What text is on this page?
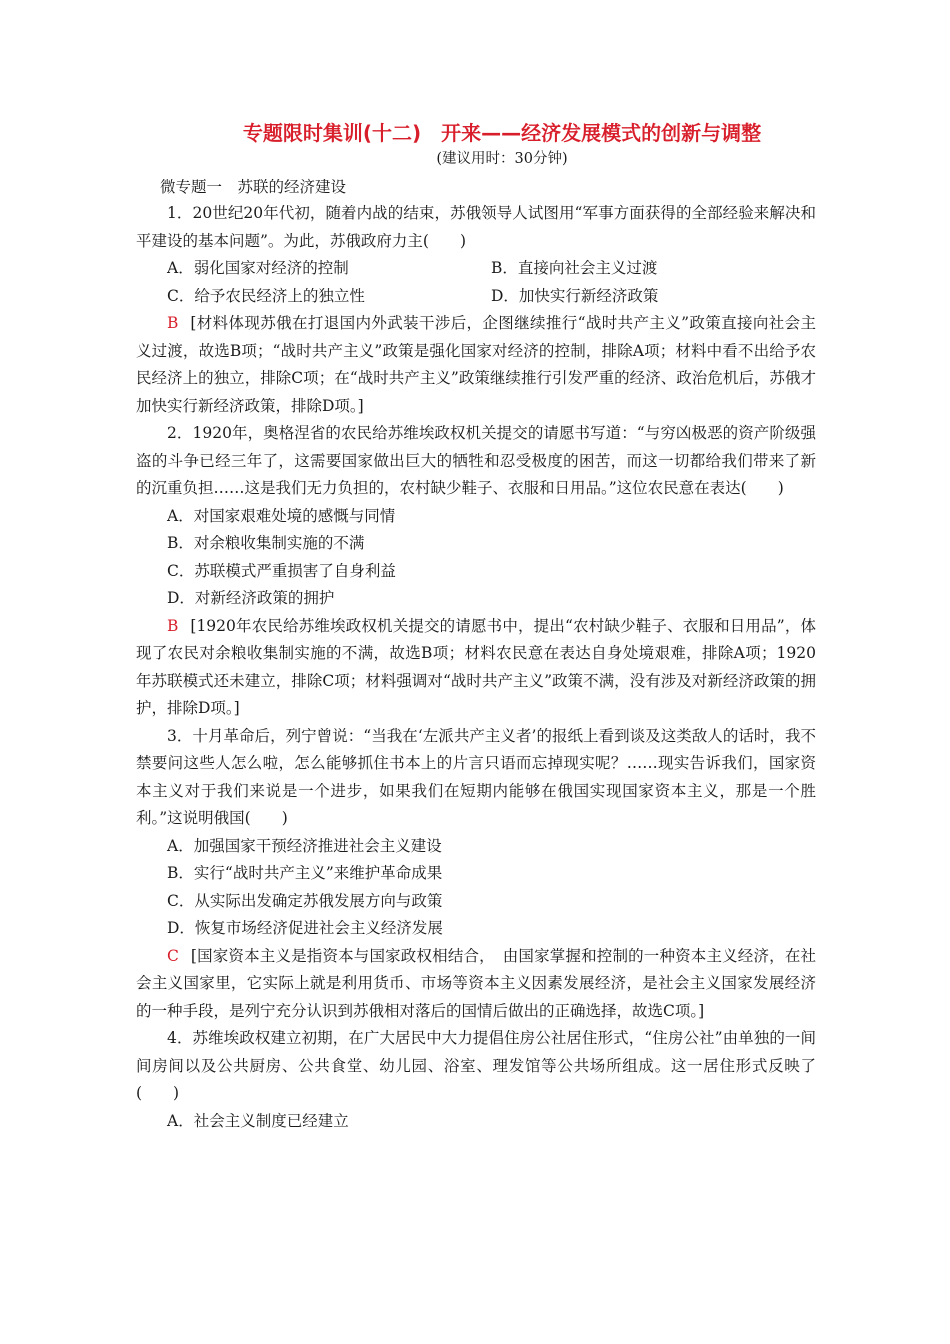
专题限时集训(十二)　开来——经济发展模式的创新与调整
(建议用时：30分钟)
微专题一　苏联的经济建设
1．20世纪20年代初，随着内战的结束，苏俄领导人试图用“军事方面获得的全部经验来解决和平建设的基本问题”。为此，苏俄政府力主(　　)
A．弱化国家对经济的控制	B．直接向社会主义过渡
C．给予农民经济上的独立性	D．加快实行新经济政策
B [材料体现苏俄在打退国内外武装干涉后，企图继续推行“战时共产主义”政策直接向社会主义过渡，故选B项；“战时共产主义”政策是强化国家对经济的控制，排除A项；材料中看不出给予农民经济上的独立，排除C项；在“战时共产主义”政策继续推行引发严重的经济、政治危机后，苏俄才加快实行新经济政策，排除D项。]
2．1920年，奥格涅省的农民给苏维埃政权机关提交的请愿书写道：“与穷凶极恶的资产阶级强盗的斗争已经三年了，这需要国家做出巨大的牺牲和忍受极度的困苦，而这一切都给我们带来了新的沉重负担……这是我们无力负担的，农村缺少鞋子、衣服和日用品。”这位农民意在表达(　　)
A．对国家艰难处境的感慨与同情
B．对余粮收集制实施的不满
C．苏联模式严重损害了自身利益
D．对新经济政策的拥护
B [1920年农民给苏维埃政权机关提交的请愿书中，提出“农村缺少鞋子、衣服和日用品”，体现了农民对余粮收集制实施的不满，故选B项；材料农民意在表达自身处境艰难，排除A项；1920年苏联模式还未建立，排除C项；材料强调对“战时共产主义”政策不满，没有涉及对新经济政策的拥护，排除D项。]
3．十月革命后，列宁曾说：“当我在‘左派共产主义者’的报纸上看到谈及这类敌人的话时，我不禁要问这些人怎么啦，怎么能够抓住书本上的片言只语而忘掉现实呢？……现实告诉我们，国家资本主义对于我们来说是一个进步，如果我们在短期内能够在俄国实现国家资本主义，那是一个胜利。”这说明俄国(　　)
A．加强国家干预经济推进社会主义建设
B．实行“战时共产主义”来维护革命成果
C．从实际出发确定苏俄发展方向与政策
D．恢复市场经济促进社会主义经济发展
C [国家资本主义是指资本与国家政权相结合，　由国家掌握和控制的一种资本主义经济，在社会主义国家里，它实际上就是利用货币、市场等资本主义因素发展经济，是社会主义国家发展经济的一种手段，是列宁充分认识到苏俄相对落后的国情后做出的正确选择，故选C项。]
4．苏维埃政权建立初期，在广大居民中大力提倡住房公社居住形式，“住房公社”由单独的一间间房间以及公共厨房、公共食堂、幼儿园、浴室、理发馆等公共场所组成。这一居住形式反映了(　　)
A．社会主义制度已经建立
